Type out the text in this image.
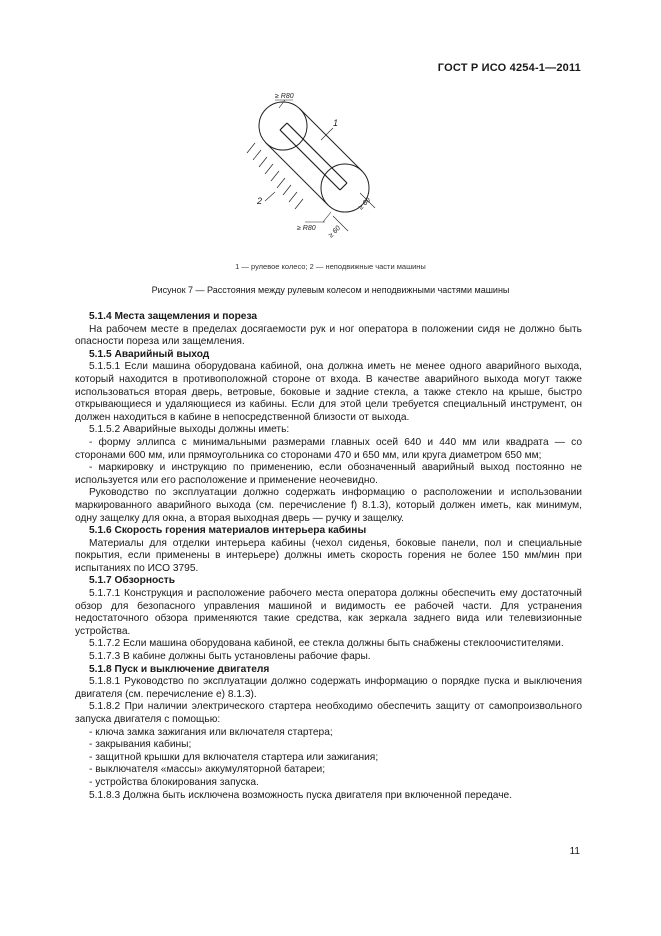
ГОСТ Р ИСО 4254-1—2011
≥ R80
1
2	≥ 60
≥ R80 ≥ 60
1 — рулевое колесо; 2 — неподвижные части машины
Рисунок 7 — Расстояния между рулевым колесом и неподвижными частями машины

5.1.4 Места защемления и пореза

На рабочем месте в пределах досягаемости рук и ног оператора в положении сидя не должно быть опасности пореза или защемления.

5.1.5 Аварийный выход

5.1.5.1 Если машина оборудована кабиной, она должна иметь не менее одного аварийного выхода, который находится в противоположной стороне от входа. В качестве аварийного выхода могут также использоваться вторая дверь, ветровые, боковые и задние стекла, а также стекло на крыше, быстро открывающиеся и удаляющиеся из кабины. Если для этой цели требуется специальный инструмент, он должен находиться в кабине в непосредственной близости от выхода.

5.1.5.2 Аварийные выходы должны иметь:

- форму эллипса с минимальными размерами главных осей 640 и 440 мм или квадрата — со сторонами 600 мм, или прямоугольника со сторонами 470 и 650 мм, или круга диаметром 650 мм;

- маркировку и инструкцию по применению, если обозначенный аварийный выход постоянно не используется или его расположение и применение неочевидно.

Руководство по эксплуатации должно содержать информацию о расположении и использовании маркированного аварийного выхода (см. перечисление f) 8.1.3), который должен иметь, как минимум, одну защелку для окна, а вторая выходная дверь — ручку и защелку.

5.1.6 Скорость горения материалов интерьера кабины

Материалы для отделки интерьера кабины (чехол сиденья, боковые панели, пол и специальные покрытия, если применены в интерьере) должны иметь скорость горения не более 150 мм/мин при испытаниях по ИСО 3795.

5.1.7 Обзорность

5.1.7.1 Конструкция и расположение рабочего места оператора должны обеспечить ему достаточный обзор для безопасного управления машиной и видимость ее рабочей части. Для устранения недостаточного обзора применяются такие средства, как зеркала заднего вида или телевизионные устройства.

5.1.7.2 Если машина оборудована кабиной, ее стекла должны быть снабжены стеклоочистителями.

5.1.7.3 В кабине должны быть установлены рабочие фары.

5.1.8 Пуск и выключение двигателя

5.1.8.1 Руководство по эксплуатации должно содержать информацию о порядке пуска и выключения двигателя (см. перечисление e) 8.1.3).

5.1.8.2 При наличии электрического стартера необходимо обеспечить защиту от самопроизвольного запуска двигателя с помощью:

- ключа замка зажигания или включателя стартера;

- закрывания кабины;

- защитной крышки для включателя стартера или зажигания;

- выключателя «массы» аккумуляторной батареи;

- устройства блокирования запуска.

5.1.8.3 Должна быть исключена возможность пуска двигателя при включенной передаче.

11
